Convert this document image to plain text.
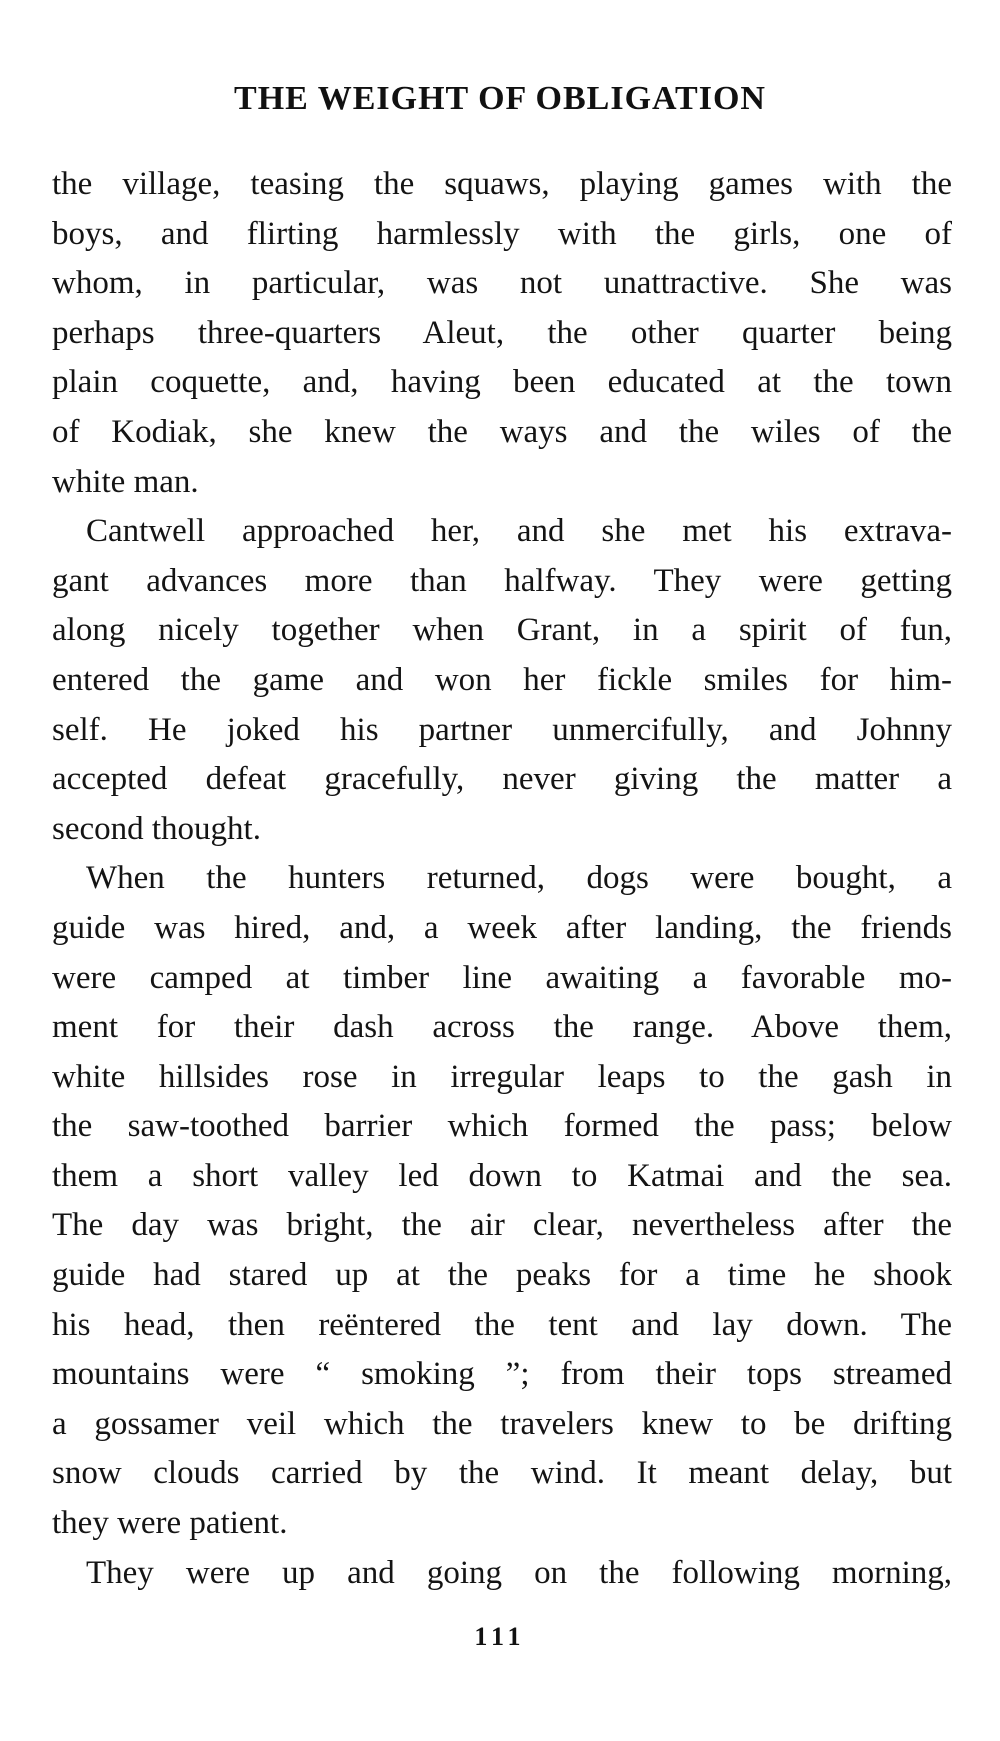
THE WEIGHT OF OBLIGATION
the village, teasing the squaws, playing games with the
boys, and flirting harmlessly with the girls, one of
whom, in particular, was not unattractive. She was
perhaps three-quarters Aleut, the other quarter being
plain coquette, and, having been educated at the town
of Kodiak, she knew the ways and the wiles of the
white man.
Cantwell approached her, and she met his extrava-
gant advances more than halfway. They were getting
along nicely together when Grant, in a spirit of fun,
entered the game and won her fickle smiles for him-
self. He joked his partner unmercifully, and Johnny
accepted defeat gracefully, never giving the matter a
second thought.
When the hunters returned, dogs were bought, a
guide was hired, and, a week after landing, the friends
were camped at timber line awaiting a favorable mo-
ment for their dash across the range. Above them,
white hillsides rose in irregular leaps to the gash in
the saw-toothed barrier which formed the pass; below
them a short valley led down to Katmai and the sea.
The day was bright, the air clear, nevertheless after the
guide had stared up at the peaks for a time he shook
his head, then reëntered the tent and lay down. The
mountains were “ smoking ”; from their tops streamed
a gossamer veil which the travelers knew to be drifting
snow clouds carried by the wind. It meant delay, but
they were patient.
They were up and going on the following morning,
111
